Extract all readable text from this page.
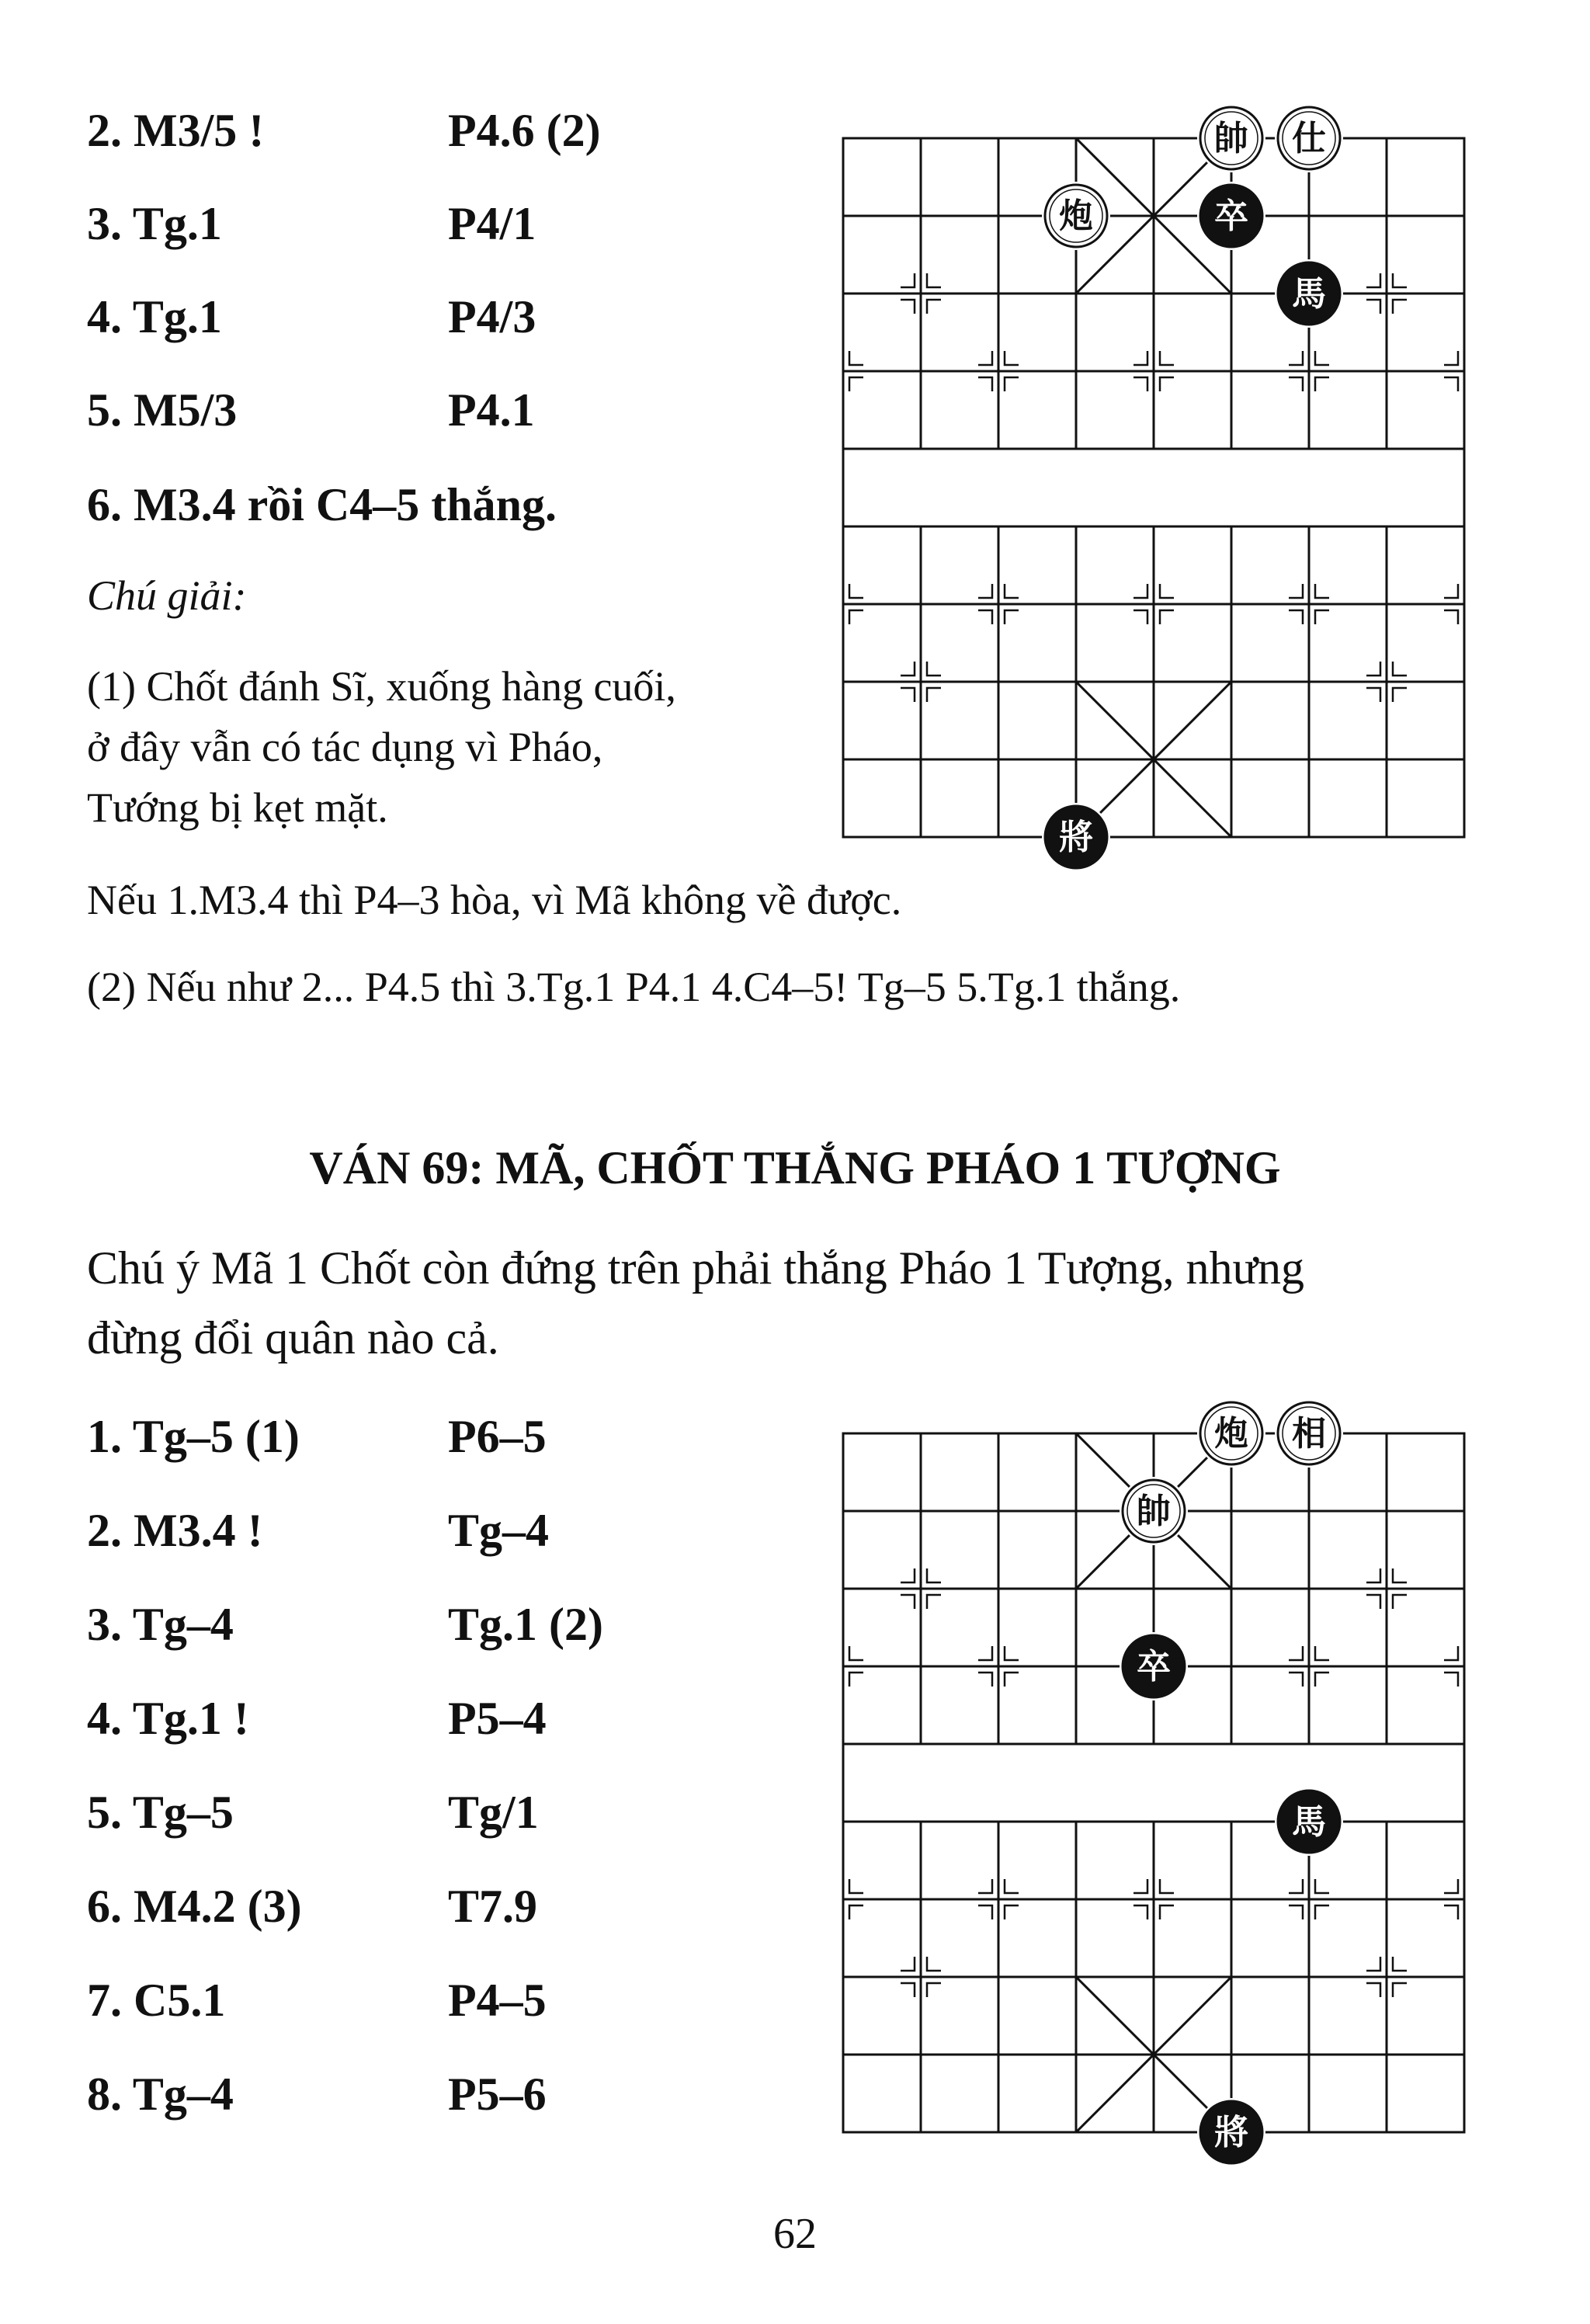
2. M3/5 !	P4.6 (2)
3. Tg.1	P4/1
4. Tg.1	P4/3
5. M5/3	P4.1
6. M3.4 rồi C4–5 thắng.
Chú giải:
(1) Chốt đánh Sĩ, xuống hàng cuối,
ở đây vẫn có tác dụng vì Pháo,
Tướng bị kẹt mặt.
Nếu 1.M3.4 thì P4–3 hòa, vì Mã không về được.
(2) Nếu như 2... P4.5 thì 3.Tg.1 P4.1 4.C4–5! Tg–5 5.Tg.1 thắng.
帥 仕
炮	卒
馬
將
VÁN 69: MÃ, CHỐT THẮNG PHÁO 1 TƯỢNG
Chú ý Mã 1 Chốt còn đứng trên phải thắng Pháo 1 Tượng, nhưng
đừng đổi quân nào cả.
1. Tg–5 (1)	P6–5
2. M3.4 !	Tg–4
3. Tg–4	Tg.1 (2)
4. Tg.1 !	P5–4
5. Tg–5	Tg/1
6. M4.2 (3)	T7.9
7. C5.1	P4–5
8. Tg–4	P5–6
炮 相
帥
卒
馬
將
62
